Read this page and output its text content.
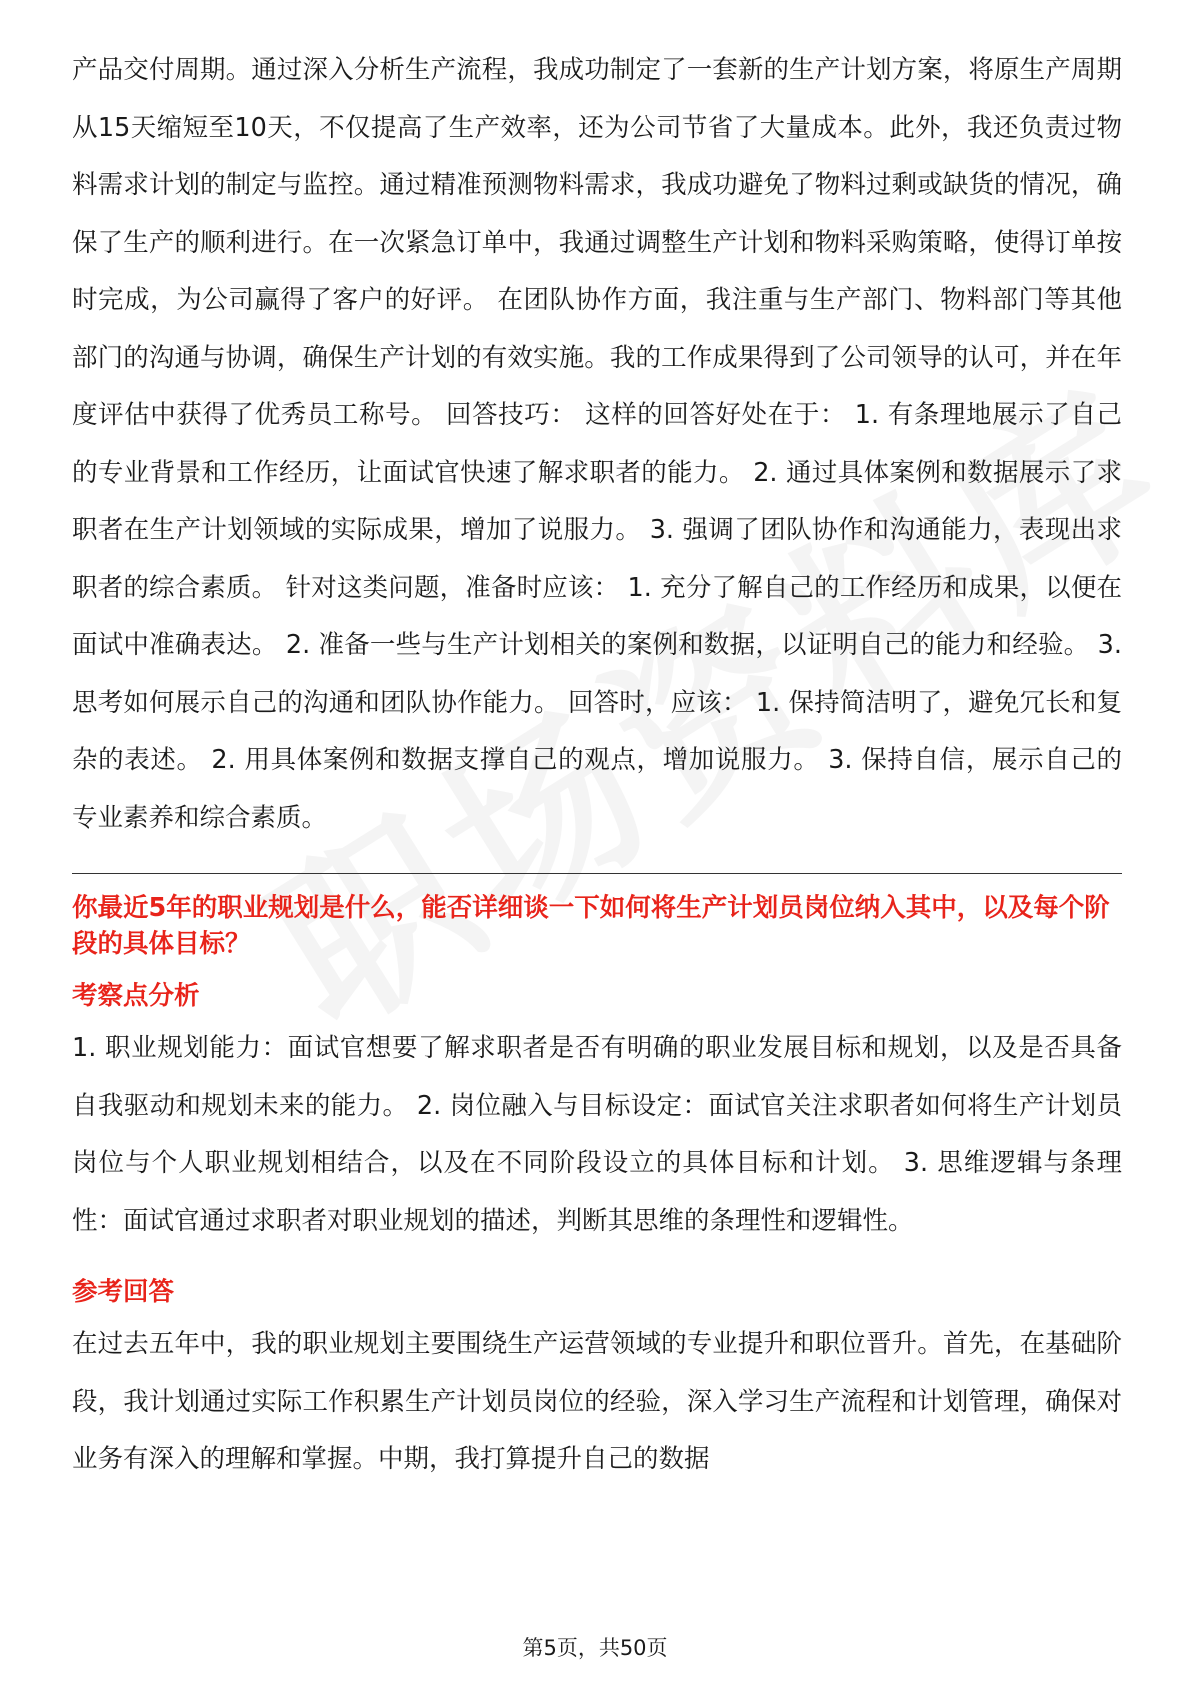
产品交付周期。通过深入分析生产流程，我成功制定了一套新的生产计划方案，将原生产周期从15天缩短至10天，不仅提高了生产效率，还为公司节省了大量成本。此外，我还负责过物料需求计划的制定与监控。通过精准预测物料需求，我成功避免了物料过剩或缺货的情况，确保了生产的顺利进行。在一次紧急订单中，我通过调整生产计划和物料采购策略，使得订单按时完成，为公司赢得了客户的好评。 在团队协作方面，我注重与生产部门、物料部门等其他部门的沟通与协调，确保生产计划的有效实施。我的工作成果得到了公司领导的认可，并在年度评估中获得了优秀员工称号。 回答技巧： 这样的回答好处在于： 1. 有条理地展示了自己的专业背景和工作经历，让面试官快速了解求职者的能力。 2. 通过具体案例和数据展示了求职者在生产计划领域的实际成果，增加了说服力。 3. 强调了团队协作和沟通能力，表现出求职者的综合素质。 针对这类问题，准备时应该： 1. 充分了解自己的工作经历和成果，以便在面试中准确表达。 2. 准备一些与生产计划相关的案例和数据，以证明自己的能力和经验。 3. 思考如何展示自己的沟通和团队协作能力。 回答时，应该： 1. 保持简洁明了，避免冗长和复杂的表述。 2. 用具体案例和数据支撑自己的观点，增加说服力。 3. 保持自信，展示自己的专业素养和综合素质。

你最近5年的职业规划是什么，能否详细谈一下如何将生产计划员岗位纳入其中，以及每个阶段的具体目标？
考察点分析

1. 职业规划能力：面试官想要了解求职者是否有明确的职业发展目标和规划，以及是否具备自我驱动和规划未来的能力。 2. 岗位融入与目标设定：面试官关注求职者如何将生产计划员岗位与个人职业规划相结合，以及在不同阶段设立的具体目标和计划。 3. 思维逻辑与条理性：面试官通过求职者对职业规划的描述，判断其思维的条理性和逻辑性。

参考回答

在过去五年中，我的职业规划主要围绕生产运营领域的专业提升和职位晋升。首先，在基础阶段，我计划通过实际工作积累生产计划员岗位的经验，深入学习生产流程和计划管理，确保对业务有深入的理解和掌握。中期，我打算提升自己的数据

第5页，共50页
